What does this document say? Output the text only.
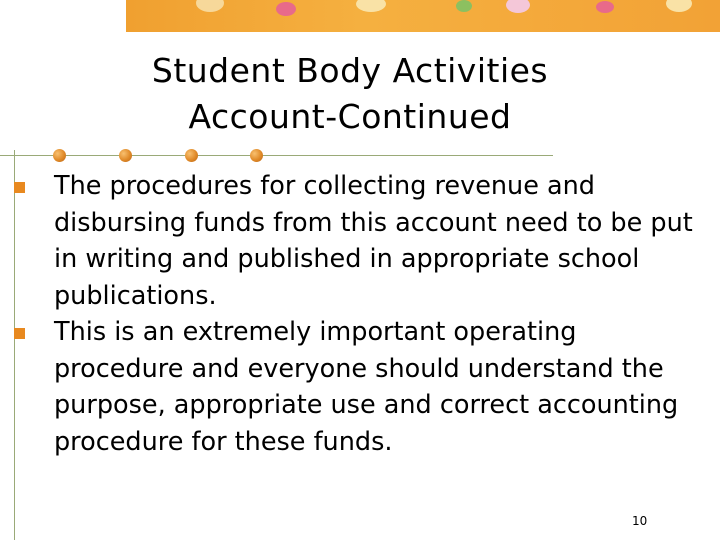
Student Body Activities
Account-Continued
The procedures for collecting revenue and disbursing funds from this account need to be put in writing and published in appropriate school publications.
This is an extremely important operating procedure and everyone should understand the purpose, appropriate use and correct accounting procedure for these funds.
10
